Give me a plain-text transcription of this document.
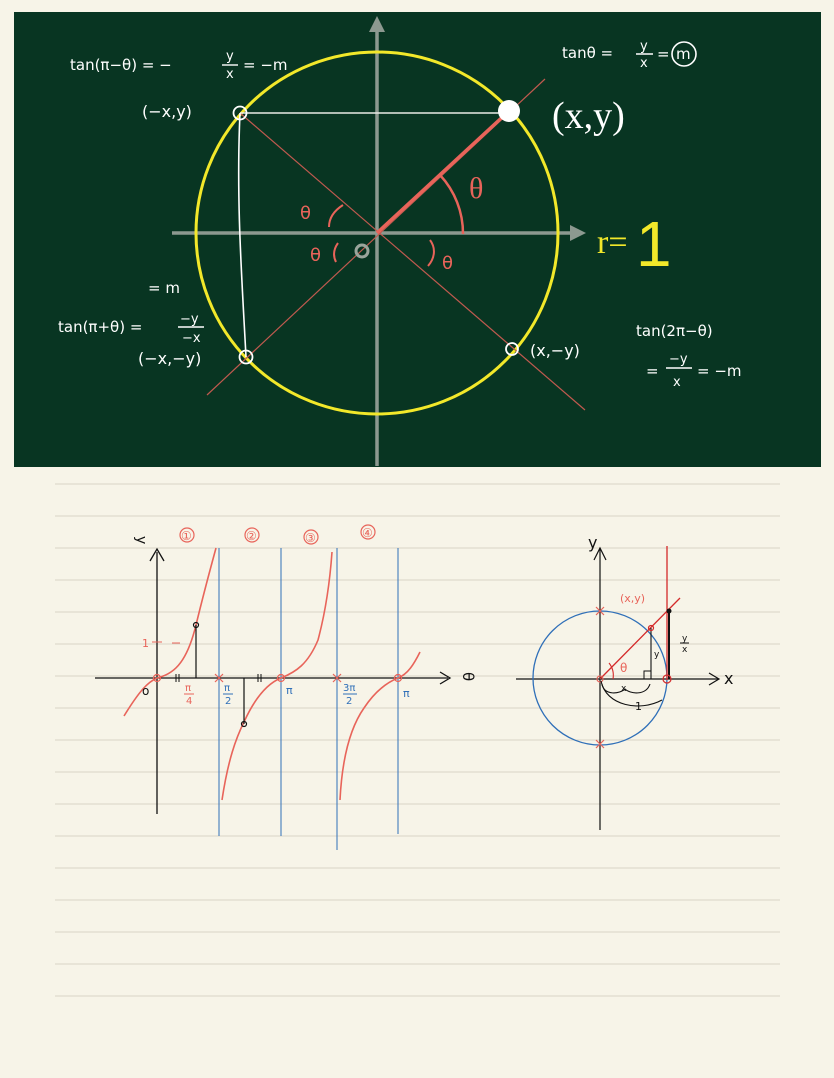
(x,y)
r= 1
θ
θ
θ	θ
tanθ = y
x
= m
tan(π−θ) = −	y
x
= −m
(−x,y)
= m
tan(π+θ) =	−y
−x
(−x,−y)	(x,−y)
tan(2π−θ)
=
−y
x
= −m
y
θ
①	②	③	④
1
o	π
4
π
2
π	3π
2
π
y
x
(x,y)
θ
x
y
y
x
1
